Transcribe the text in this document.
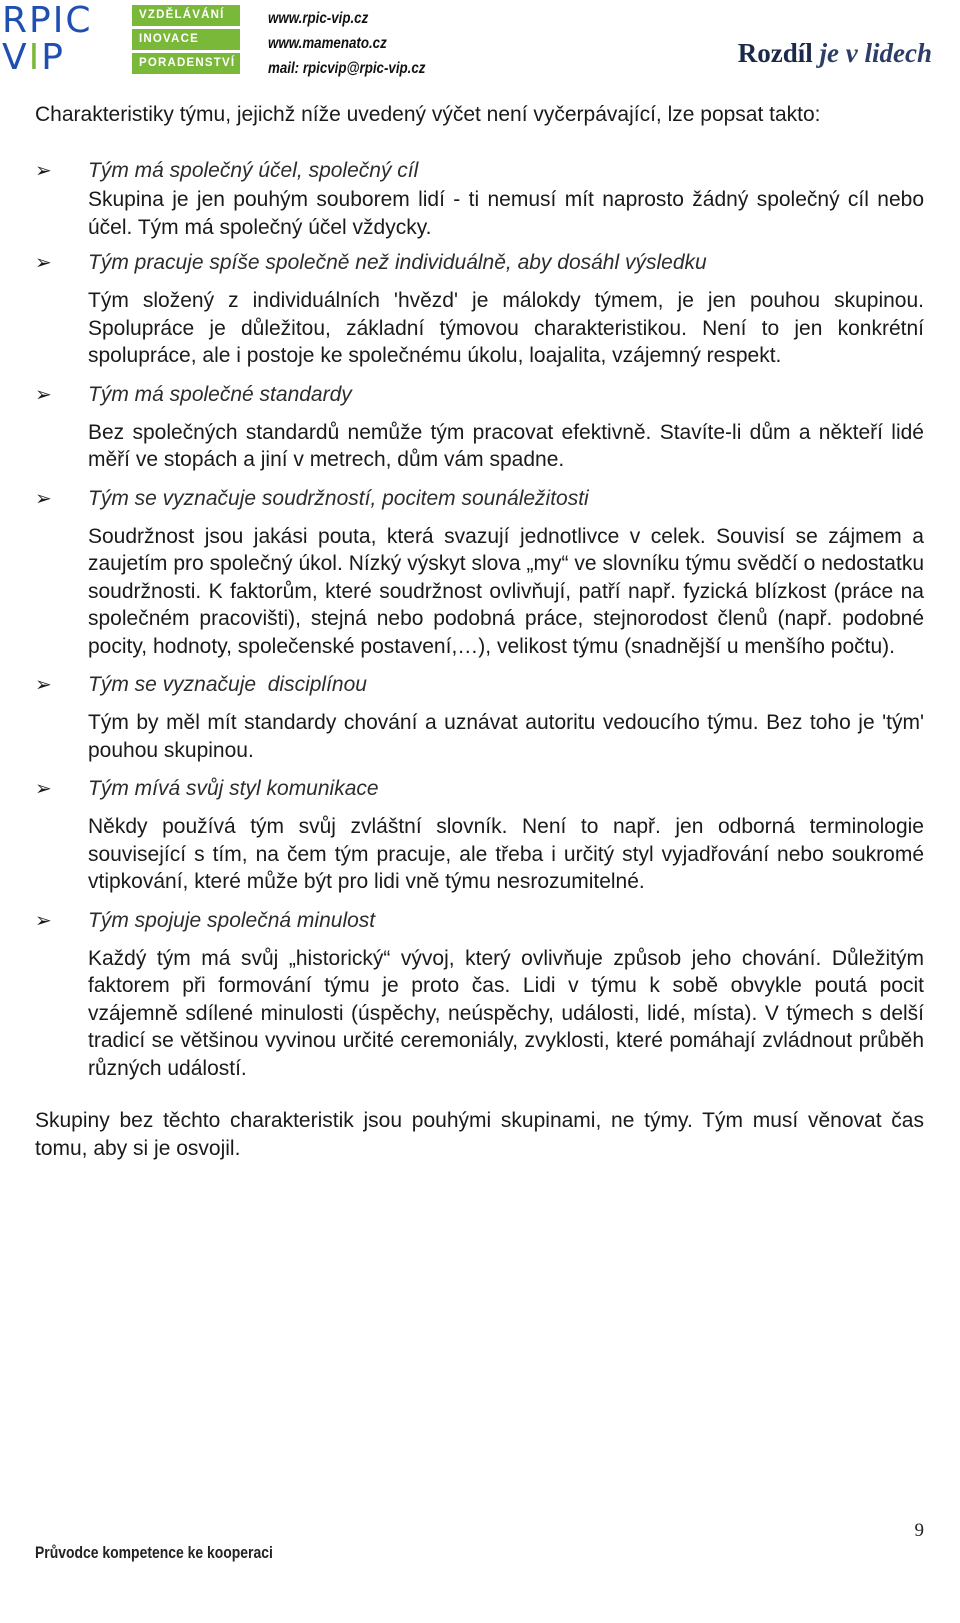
RPIC
VIP
VZDĚLÁVÁNÍ
INOVACE
PORADENSTVÍ
www.rpic-vip.cz
www.mamenato.cz
mail: rpicvip@rpic-vip.cz
Rozdíl je v lidech

Charakteristiky týmu, jejichž níže uvedený výčet není vyčerpávající, lze popsat takto:

➢ Tým má společný účel, společný cíl

Skupina je jen pouhým souborem lidí - ti nemusí mít naprosto žádný společný cíl nebo účel. Tým má společný účel vždycky.

➢ Tým pracuje spíše společně než individuálně, aby dosáhl výsledku

Tým složený z individuálních 'hvězd' je málokdy týmem, je jen pouhou skupinou. Spolupráce je důležitou, základní týmovou charakteristikou. Není to jen konkrétní spolupráce, ale i postoje ke společnému úkolu, loajalita, vzájemný respekt.

➢ Tým má společné standardy

Bez společných standardů nemůže tým pracovat efektivně. Stavíte-li dům a někteří lidé měří ve stopách a jiní v metrech, dům vám spadne.

➢ Tým se vyznačuje soudržností, pocitem sounáležitosti

Soudržnost jsou jakási pouta, která svazují jednotlivce v celek. Souvisí se zájmem a zaujetím pro společný úkol. Nízký výskyt slova „my“ ve slovníku týmu svědčí o nedostatku soudržnosti. K faktorům, které soudržnost ovlivňují, patří např. fyzická blízkost (práce na společném pracovišti), stejná nebo podobná práce, stejnorodost členů (např. podobné pocity, hodnoty, společenské postavení,…), velikost týmu (snadnější u menšího počtu).

➢ Tým se vyznačuje  disciplínou

Tým by měl mít standardy chování a uznávat autoritu vedoucího týmu. Bez toho je 'tým' pouhou skupinou.

➢ Tým mívá svůj styl komunikace

Někdy používá tým svůj zvláštní slovník. Není to např. jen odborná terminologie související s tím, na čem tým pracuje, ale třeba i určitý styl vyjadřování nebo soukromé vtipkování, které může být pro lidi vně týmu nesrozumitelné.

➢ Tým spojuje společná minulost

Každý tým má svůj „historický“ vývoj, který ovlivňuje způsob jeho chování. Důležitým faktorem při formování týmu je proto čas. Lidi v týmu k sobě obvykle poutá pocit vzájemně sdílené minulosti (úspěchy, neúspěchy, události, lidé, místa). V týmech s delší tradicí se většinou vyvinou určité ceremoniály, zvyklosti, které pomáhají zvládnout průběh různých událostí.

Skupiny bez těchto charakteristik jsou pouhými skupinami, ne týmy. Tým musí věnovat čas tomu, aby si je osvojil.

9
Průvodce kompetence ke kooperaci
